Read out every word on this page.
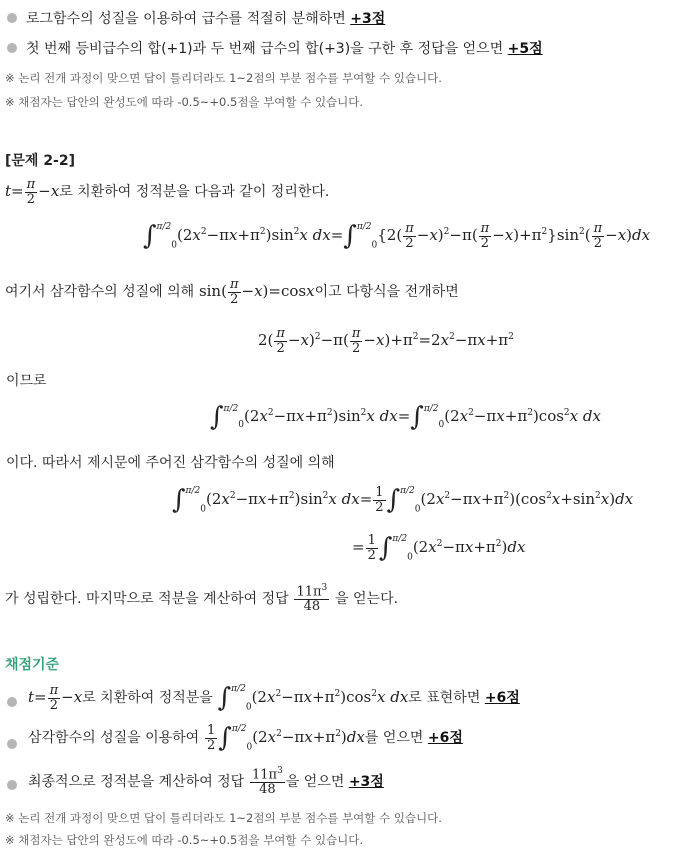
로그함수의 성질을 이용하여 급수를 적절히 분해하면 +3점
첫 번째 등비급수의 합(+1)과 두 번째 급수의 합(+3)을 구한 후 정답을 얻으면 +5점
※ 논리 전개 과정이 맞으면 답이 틀리더라도 1~2점의 부분 점수를 부여할 수 있습니다.
※ 채점자는 답안의 완성도에 따라 -0.5~+0.5점을 부여할 수 있습니다.
[문제 2-2]
$t= \frac{\pi}{2} -x$로 치환하여 정적분을 다음과 같이 정리한다.
$\int^{\pi/2}0(2x^2-\pi x+\pi^2)\sin^2x$ $dx=\int^{\pi/2}0\{2( \frac{\pi}{2} -x)^2-\pi( \frac{\pi}{2} -x)+\pi^2\}\sin^2( \frac{\pi}{2} -x)dx$
여기서 삼각함수의 성질에 의해 $\sin( \frac{\pi}{2} -x)=\cos x$이고 다항식을 전개하면
$2( \frac{\pi}{2} -x)^2-\pi( \frac{\pi}{2} -x)+\pi^2=2x^2-\pi x+\pi^2$
이므로
$\int^{\pi/2}0(2x^2-\pi x+\pi^2)\sin^2x$ $dx=\int^{\pi/2}0(2x^2-\pi x+\pi^2)\cos^2x$ dx
이다. 따라서 제시문에 주어진 삼각함수의 성질에 의해
$\int^{\pi/2}0(2x^2-\pi x+\pi^2)\sin^2x$ $dx= \frac{1}{2} \int^{\pi/2}0(2x^2-\pi x+\pi^2)(\cos^2x+\sin^2x)dx$
= $\frac{1}{2} \int^{\pi/2}0(2x^2-\pi x+\pi^2)dx$
가 성립한다. 마지막으로 적분을 계산하여 정답 $\frac{11\pi^3}{48}$ 을 얻는다.
채점기준
$t= \frac{\pi}{2} -x$로 치환하여 정적분을 $\int^{\pi/2}0(2x^2-\pi x+\pi^2)\cos^2x$ dx로 표현하면 +6점
삼각함수의 성질을 이용하여 $\frac{1}{2} \int^{\pi/2}0(2x^2-\pi x+\pi^2)dx$를 얻으면 +6점
최종적으로 정적분을 계산하여 정답 $\frac{11\pi^3}{48}$ 을 얻으면 +3점
※ 논리 전개 과정이 맞으면 답이 틀리더라도 1~2점의 부분 점수를 부여할 수 있습니다.
※ 채점자는 답안의 완성도에 따라 -0.5~+0.5점을 부여할 수 있습니다.
